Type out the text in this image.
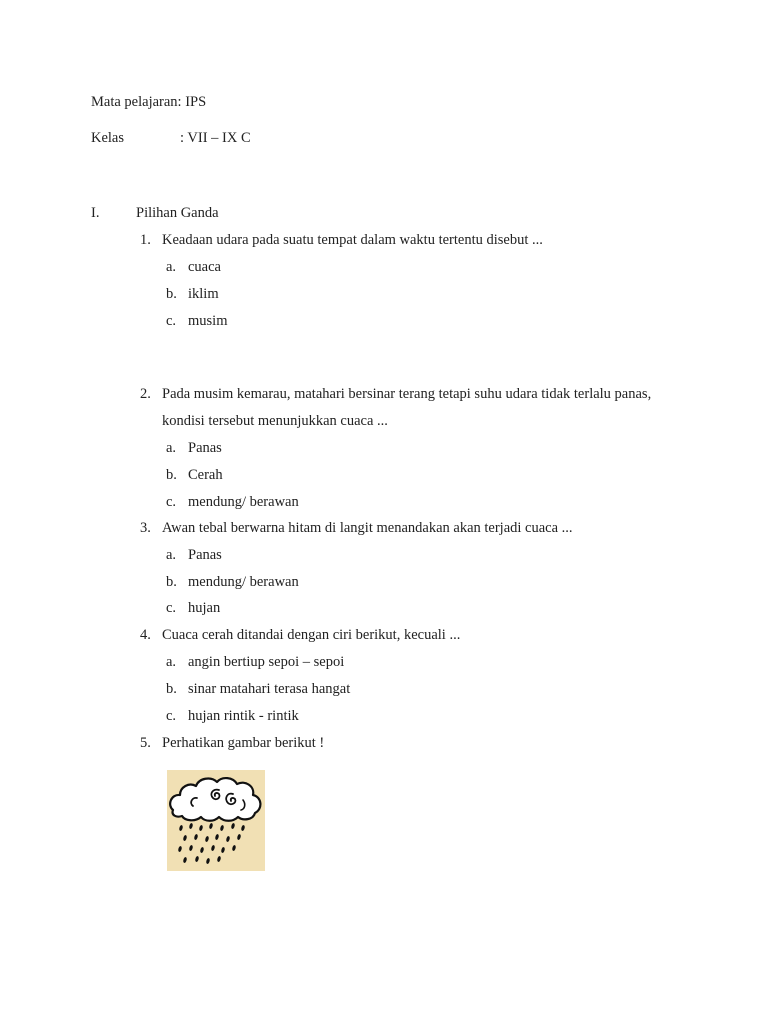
Mata pelajaran: IPS
Kelas	: VII – IX C
I.	Pilihan Ganda
1. Keadaan udara pada suatu tempat dalam waktu tertentu disebut ...
a. cuaca
b. iklim
c. musim
2. Pada musim kemarau, matahari bersinar terang tetapi suhu udara tidak terlalu panas,
kondisi tersebut menunjukkan cuaca ...
a. Panas
b. Cerah
c. mendung/ berawan
3. Awan tebal berwarna hitam di langit menandakan akan terjadi cuaca ...
a. Panas
b. mendung/ berawan
c. hujan
4. Cuaca cerah ditandai dengan ciri berikut, kecuali ...
a. angin bertiup sepoi – sepoi
b. sinar matahari terasa hangat
c. hujan rintik - rintik
5. Perhatikan gambar berikut !
